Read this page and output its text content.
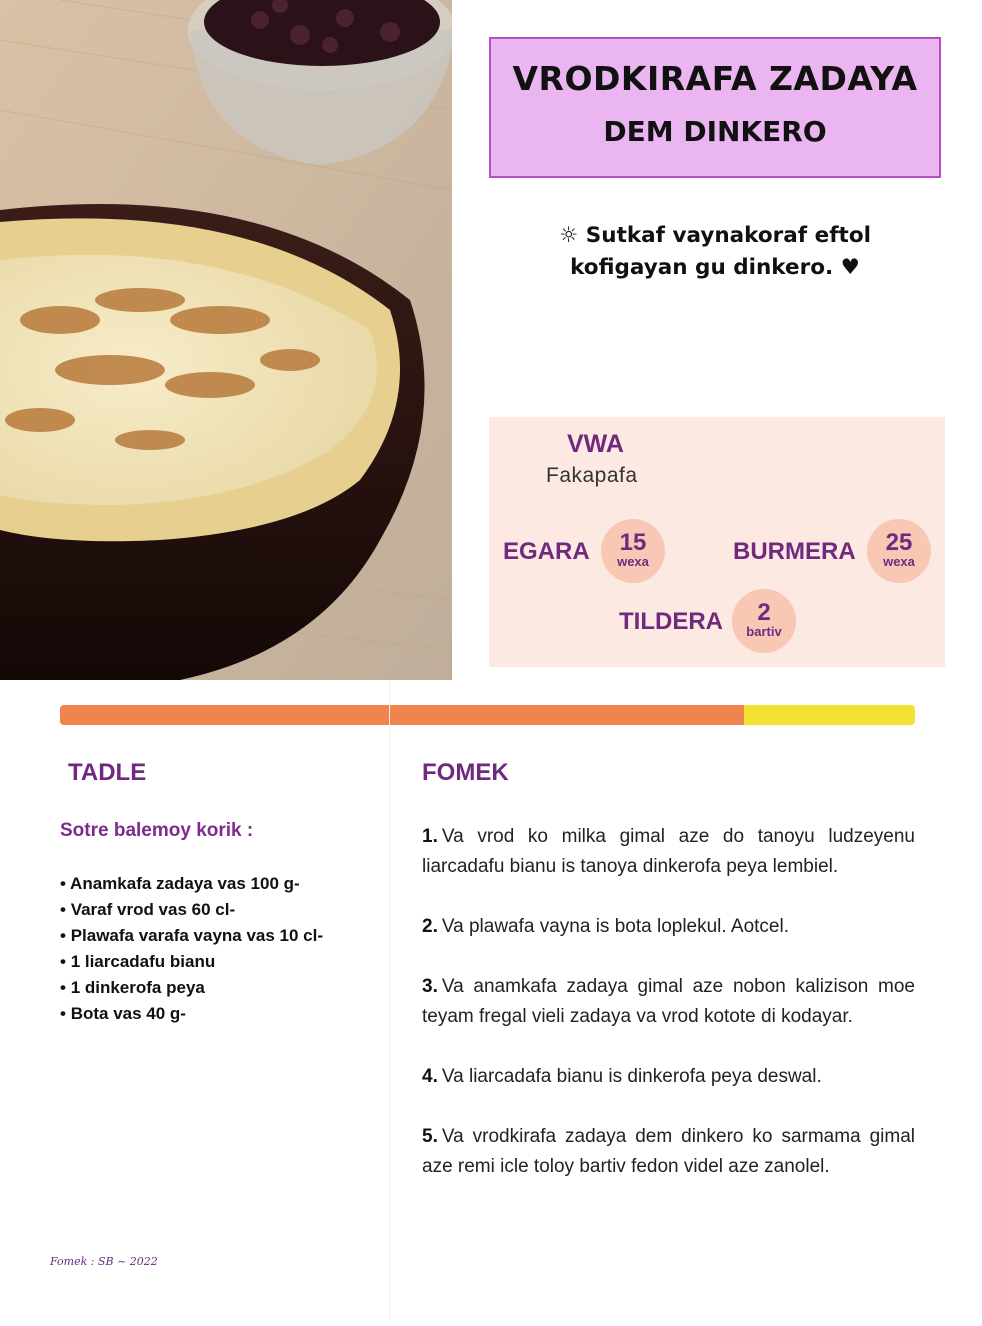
VRODKIRAFA ZADAYA
DEM DINKERO
☼ Sutkaf vaynakoraf eftol
kofigayan gu dinkero. ♥
VWA
Fakapafa
EGARA	15
wexa	BURMERA	25
wexa
TILDERA	2
bartiv
TADLE
Sotre balemoy korik :
• Anamkafa zadaya vas 100 g-
• Varaf vrod vas 60 cl-
• Plawafa varafa vayna vas 10 cl-
• 1 liarcadafu bianu
• 1 dinkerofa peya
• Bota vas 40 g-
FOMEK

1. Va vrod ko milka gimal aze do tanoyu ludzeyenu liarcadafu bianu is tanoya dinkerofa peya lembiel.

2. Va plawafa vayna is bota loplekul. Aotcel.

3. Va anamkafa zadaya gimal aze nobon kalizison moe teyam fregal vieli zadaya va vrod kotote di kodayar.

4. Va liarcadafa bianu is dinkerofa peya deswal.

5. Va vrodkirafa zadaya dem dinkero ko sarmama gimal aze remi icle toloy bartiv fedon videl aze zanolel.

Fomek : SB ~ 2022
